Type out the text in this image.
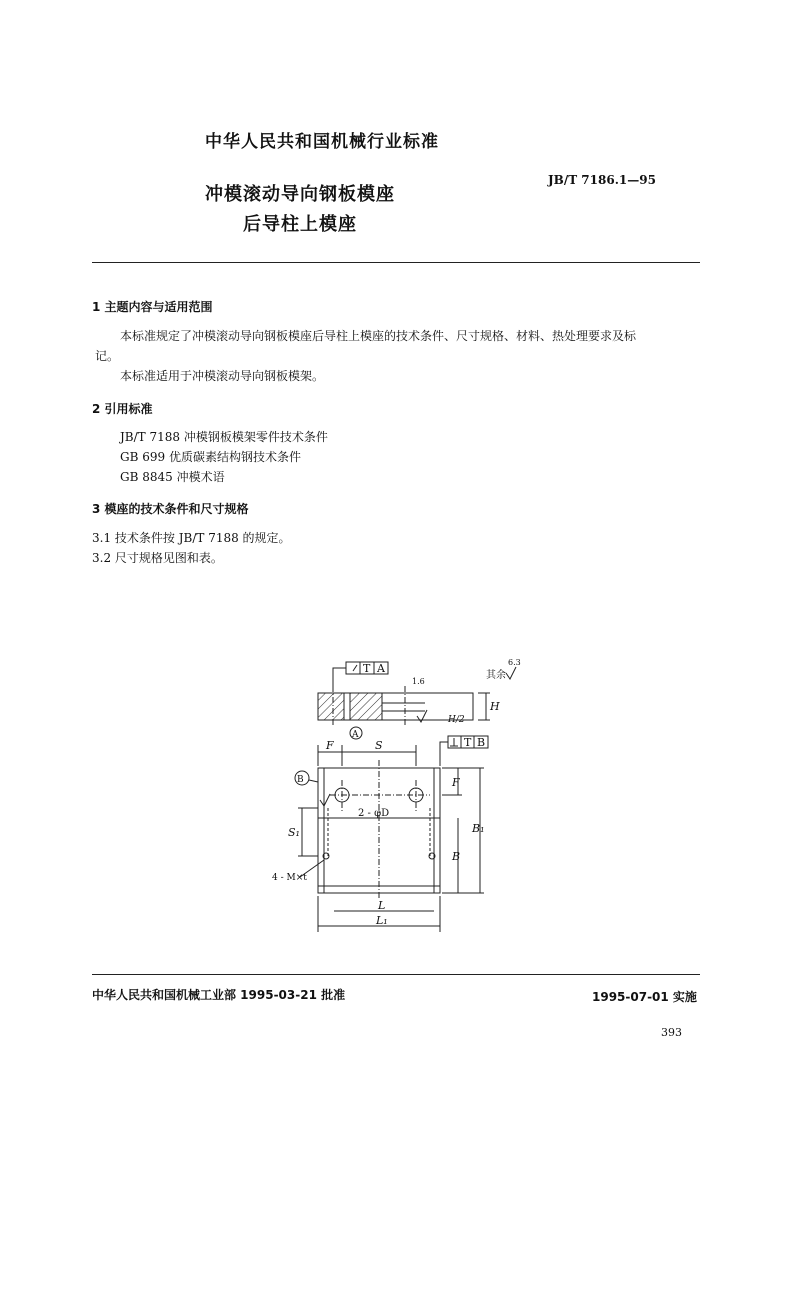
中华人民共和国机械行业标准
JB/T 7186.1—95
冲模滚动导向钢板模座
后导柱上模座
1 主题内容与适用范围
本标准规定了冲模滚动导向钢板模座后导柱上模座的技术条件、尺寸规格、材料、热处理要求及标
记。
本标准适用于冲模滚动导向钢板模架。
2 引用标准
JB/T 7188 冲模钢板模架零件技术条件
GB 699 优质碳素结构钢技术条件
GB 8845 冲模术语
3 模座的技术条件和尺寸规格
3.1 技术条件按 JB/T 7188 的规定。
3.2 尺寸规格见图和表。
T A
T B
其余
6.3
1.6
A
B
F	S
H
H/2
F
B₁
B
S₁
L
L₁
2 - φD
4 - M×t
中华人民共和国机械工业部 1995-03-21 批准	1995-07-01 实施
393
